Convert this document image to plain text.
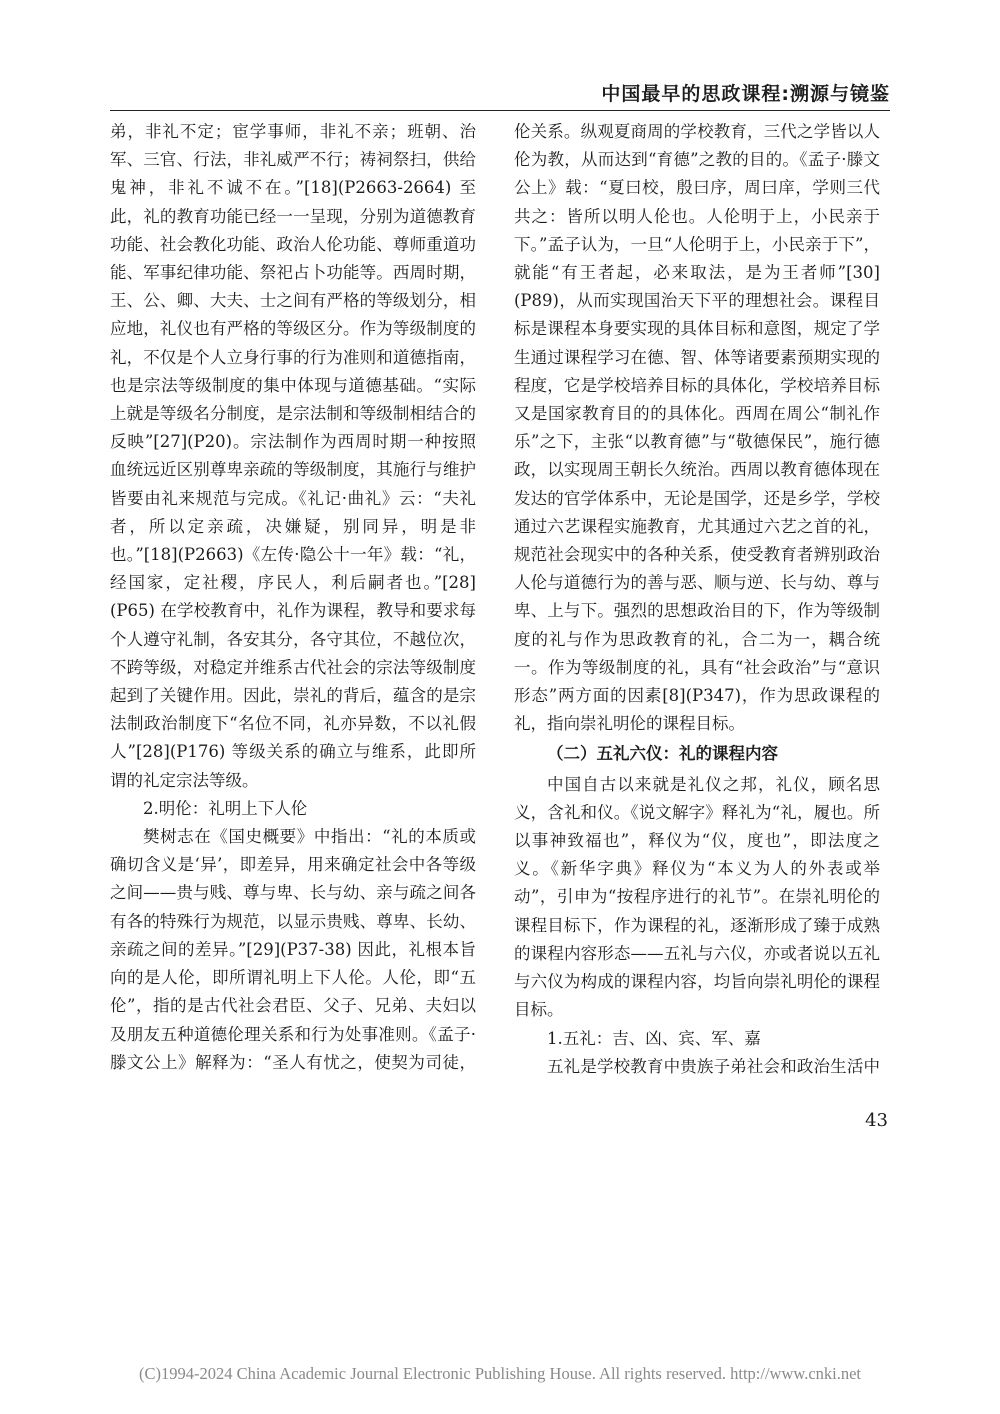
中国最早的思政课程:溯源与镜鉴

弟，非礼不定；宦学事师，非礼不亲；班朝、治军、三官、行法，非礼威严不行；祷祠祭扫，供给鬼神，非礼不诚不在。”[18](P2663-2664) 至此，礼的教育功能已经一一呈现，分别为道德教育功能、社会教化功能、政治人伦功能、尊师重道功能、军事纪律功能、祭祀占卜功能等。西周时期，王、公、卿、大夫、士之间有严格的等级划分，相应地，礼仪也有严格的等级区分。作为等级制度的礼，不仅是个人立身行事的行为准则和道德指南，也是宗法等级制度的集中体现与道德基础。“实际上就是等级名分制度，是宗法制和等级制相结合的反映”[27](P20)。宗法制作为西周时期一种按照血统远近区别尊卑亲疏的等级制度，其施行与维护皆要由礼来规范与完成。《礼记·曲礼》云：“夫礼者，所以定亲疏，决嫌疑，别同异，明是非也。”[18](P2663)《左传·隐公十一年》载：“礼，经国家，定社稷，序民人，利后嗣者也。”[28](P65) 在学校教育中，礼作为课程，教导和要求每个人遵守礼制，各安其分，各守其位，不越位次，不跨等级，对稳定并维系古代社会的宗法等级制度起到了关键作用。因此，崇礼的背后，蕴含的是宗法制政治制度下“名位不同，礼亦异数，不以礼假人”[28](P176) 等级关系的确立与维系，此即所谓的礼定宗法等级。

2.明伦：礼明上下人伦

樊树志在《国史概要》中指出：“礼的本质或确切含义是‘异’，即差异，用来确定社会中各等级之间——贵与贱、尊与卑、长与幼、亲与疏之间各有各的特殊行为规范，以显示贵贱、尊卑、长幼、亲疏之间的差异。”[29](P37-38) 因此，礼根本旨向的是人伦，即所谓礼明上下人伦。人伦，即“五伦”，指的是古代社会君臣、父子、兄弟、夫妇以及朋友五种道德伦理关系和行为处事准则。《孟子·滕文公上》解释为：“圣人有忧之，使契为司徒，

伦关系。纵观夏商周的学校教育，三代之学皆以人伦为教，从而达到“育德”之教的目的。《孟子·滕文公上》载：“夏曰校，殷曰序，周曰庠，学则三代共之：皆所以明人伦也。人伦明于上，小民亲于下。”孟子认为，一旦“人伦明于上，小民亲于下”，就能“有王者起，必来取法，是为王者师”[30](P89)，从而实现国治天下平的理想社会。课程目标是课程本身要实现的具体目标和意图，规定了学生通过课程学习在德、智、体等诸要素预期实现的程度，它是学校培养目标的具体化，学校培养目标又是国家教育目的的具体化。西周在周公“制礼作乐”之下，主张“以教育德”与“敬德保民”，施行德政，以实现周王朝长久统治。西周以教育德体现在发达的官学体系中，无论是国学，还是乡学，学校通过六艺课程实施教育，尤其通过六艺之首的礼，规范社会现实中的各种关系，使受教育者辨别政治人伦与道德行为的善与恶、顺与逆、长与幼、尊与卑、上与下。强烈的思想政治目的下，作为等级制度的礼与作为思政教育的礼，合二为一，耦合统一。作为等级制度的礼，具有“社会政治”与“意识形态”两方面的因素[8](P347)，作为思政课程的礼，指向崇礼明伦的课程目标。

（二）五礼六仪：礼的课程内容

中国自古以来就是礼仪之邦，礼仪，顾名思义，含礼和仪。《说文解字》释礼为“礼，履也。所以事神致福也”，释仪为“仪，度也”，即法度之义。《新华字典》释仪为“本义为人的外表或举动”，引申为“按程序进行的礼节”。在崇礼明伦的课程目标下，作为课程的礼，逐渐形成了臻于成熟的课程内容形态——五礼与六仪，亦或者说以五礼与六仪为构成的课程内容，均旨向崇礼明伦的课程目标。

1.五礼：吉、凶、宾、军、嘉

五礼是学校教育中贵族子弟社会和政治生活中

43
(C)1994-2024 China Academic Journal Electronic Publishing House. All rights reserved. http://www.cnki.net
